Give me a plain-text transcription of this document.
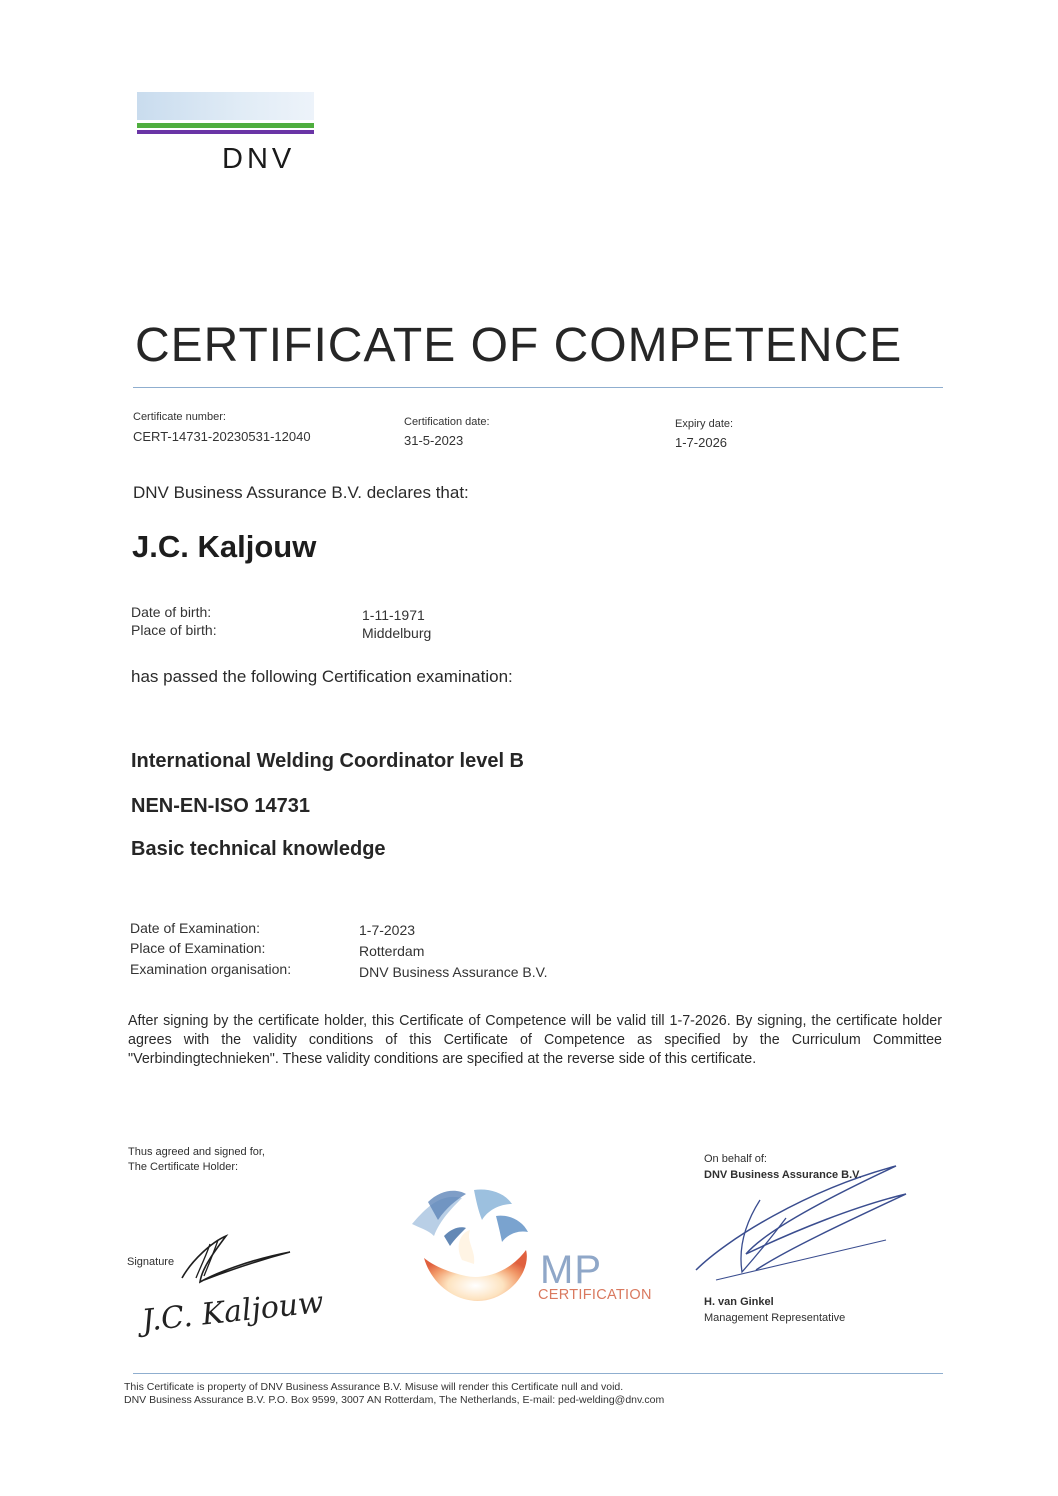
DNV
CERTIFICATE OF COMPETENCE
Certificate number:
CERT-14731-20230531-12040
Certification date:
31-5-2023
Expiry date:
1-7-2026
DNV Business Assurance B.V. declares that:
J.C. Kaljouw
Date of birth:	1-11-1971
Place of birth:	Middelburg
has passed the following Certification examination:
International Welding Coordinator level B
NEN-EN-ISO 14731
Basic technical knowledge
Date of Examination:	1-7-2023
Place of Examination:	Rotterdam
Examination organisation:	DNV Business Assurance B.V.
After signing by the certificate holder, this Certificate of Competence will be valid till 1-7-2026. By signing, the certificate holder agrees with the validity conditions of this Certificate of Competence as specified by the Curriculum Committee "Verbindingtechnieken". These validity conditions are specified at the reverse side of this certificate.
Thus agreed and signed for,
The Certificate Holder:
Signature
J.C. Kaljouw
MP
CERTIFICATION
On behalf of:
DNV Business Assurance B.V.
H. van Ginkel
Management Representative
This Certificate is property of DNV Business Assurance B.V. Misuse will render this Certificate null and void.
DNV Business Assurance B.V. P.O. Box 9599, 3007 AN Rotterdam, The Netherlands, E-mail: ped-welding@dnv.com
